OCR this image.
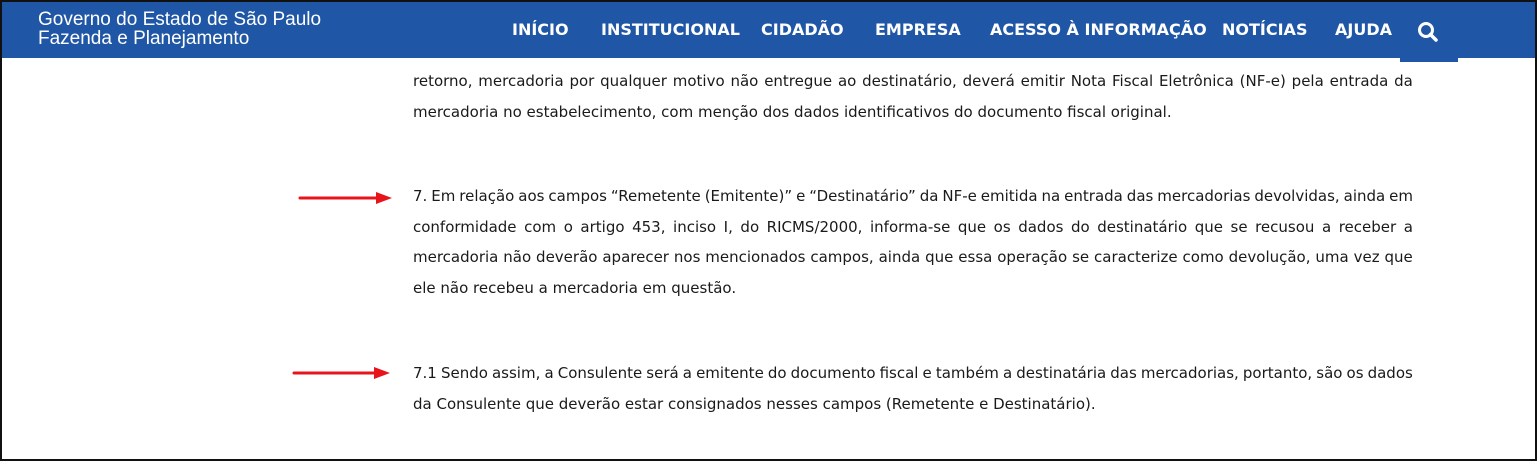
Governo do Estado de São Paulo
Fazenda e Planejamento	INÍCIO INSTITUCIONAL CIDADÃO EMPRESA ACESSO À INFORMAÇÃO NOTÍCIAS AJUDA
retorno, mercadoria por qualquer motivo não entregue ao destinatário, deverá emitir Nota Fiscal Eletrônica (NF-e) pela entrada da
mercadoria no estabelecimento, com menção dos dados identificativos do documento fiscal original.
7. Em relação aos campos “Remetente (Emitente)” e “Destinatário” da NF-e emitida na entrada das mercadorias devolvidas, ainda em
conformidade com o artigo 453, inciso I, do RICMS/2000, informa-se que os dados do destinatário que se recusou a receber a
mercadoria não deverão aparecer nos mencionados campos, ainda que essa operação se caracterize como devolução, uma vez que
ele não recebeu a mercadoria em questão.
7.1 Sendo assim, a Consulente será a emitente do documento fiscal e também a destinatária das mercadorias, portanto, são os dados
da Consulente que deverão estar consignados nesses campos (Remetente e Destinatário).
